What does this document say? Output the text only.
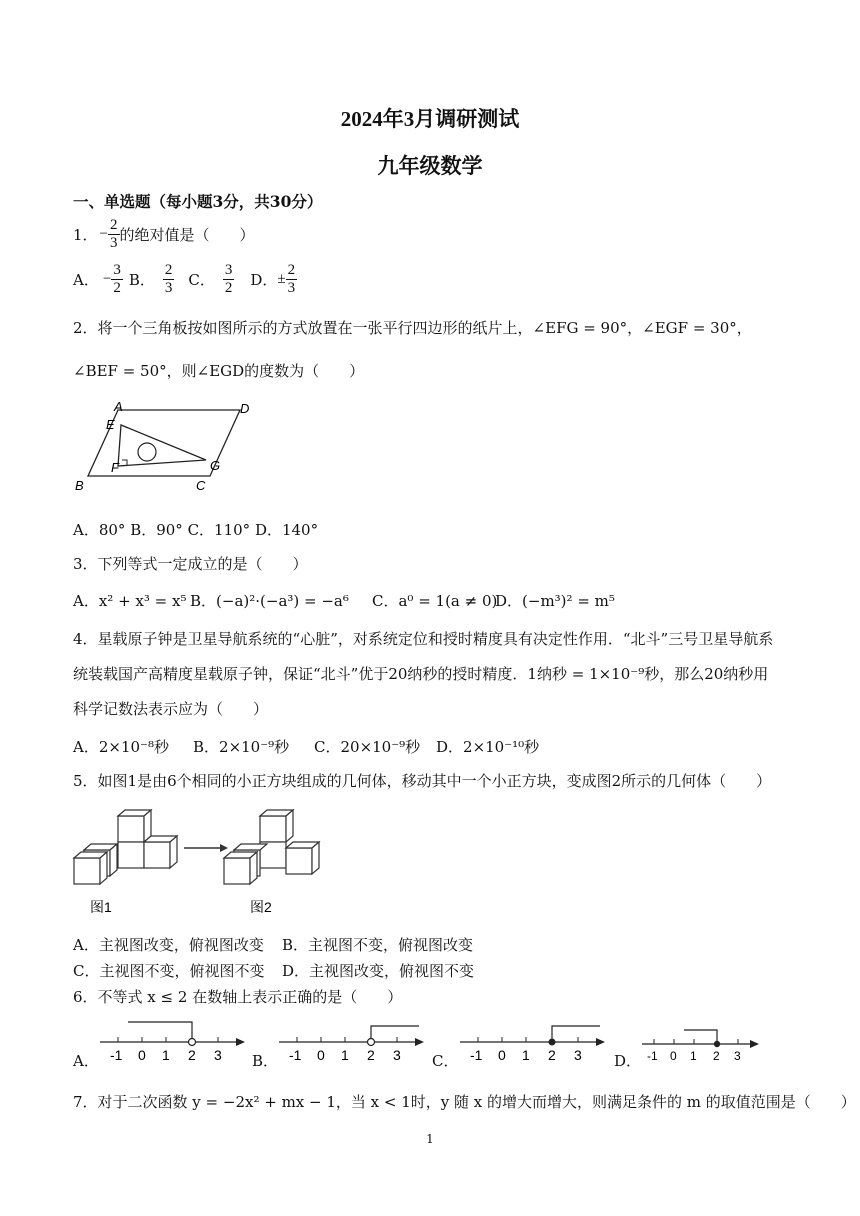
2024年3月调研测试
九年级数学
一、单选题（每小题3分，共30分）
1． − $\frac{2}{3}$ 的绝对值是（　　）
A． − $\frac{3}{2}$ B． $\frac{2}{3}$ C． $\frac{3}{2}$ D． ± $\frac{2}{3}$
2．将一个三角板按如图所示的方式放置在一张平行四边形的纸片上，∠EFG = 90°，∠EGF = 30°，
∠BEF = 50°，则∠EGD的度数为（　　）
A	D
E
F	G
B	C
A．80° B．90° C．110° D．140°
3．下列等式一定成立的是（　　）
A．x² + x³ = x⁵ B．(−a)²·(−a³) = −a⁶ C．a⁰ = 1(a ≠ 0)
D．(−m³)² = m⁵
4．星载原子钟是卫星导航系统的“心脏”，对系统定位和授时精度具有决定性作用．“北斗”三号卫星导航系
统装载国产高精度星载原子钟，保证“北斗”优于20纳秒的授时精度．1纳秒 = 1×10⁻⁹秒，那么20纳秒用
科学记数法表示应为（　　）
A．2×10⁻⁸秒 B．2×10⁻⁹秒 C．20×10⁻⁹秒 D．2×10⁻¹⁰秒
5．如图1是由6个相同的小正方块组成的几何体，移动其中一个小正方块，变成图2所示的几何体（　　）
图1	图2
A．主视图改变，俯视图改变 B．主视图不变，俯视图改变
C．主视图不变，俯视图不变 D．主视图改变，俯视图不变
6．不等式 x ≤ 2 在数轴上表示正确的是（　　）
A．	B．	C．	D．
-1 0 1 2 3	-1 0 1 2 3	-1 0 1 2 3	-1 0 1 2 3
7．对于二次函数 y = −2x² + mx − 1，当 x < 1时，y 随 x 的增大而增大，则满足条件的 m 的取值范围是（　　）
1
